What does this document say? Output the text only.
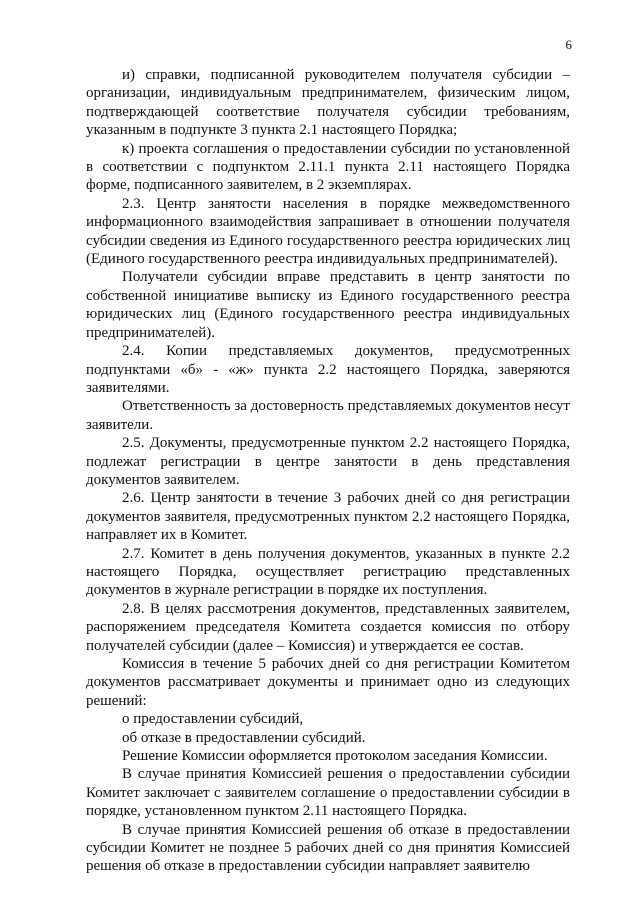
6

и) справки, подписанной руководителем получателя субсидии – организации, индивидуальным предпринимателем, физическим лицом, подтверждающей соответствие получателя субсидии требованиям, указанным в подпункте 3 пункта 2.1 настоящего Порядка;

к) проекта соглашения о предоставлении субсидии по установленной в соответствии с подпунктом 2.11.1 пункта 2.11 настоящего Порядка форме, подписанного заявителем, в 2 экземплярах.

2.3. Центр занятости населения в порядке межведомственного информационного взаимодействия запрашивает в отношении получателя субсидии сведения из Единого государственного реестра юридических лиц (Единого государственного реестра индивидуальных предпринимателей).

Получатели субсидии вправе представить в центр занятости по собственной инициативе выписку из Единого государственного реестра юридических лиц (Единого государственного реестра индивидуальных предпринимателей).

2.4. Копии представляемых документов, предусмотренных подпунктами «б» - «ж» пункта 2.2 настоящего Порядка, заверяются заявителями.

Ответственность за достоверность представляемых документов несут заявители.

2.5. Документы, предусмотренные пунктом 2.2 настоящего Порядка, подлежат регистрации в центре занятости в день представления документов заявителем.

2.6. Центр занятости в течение 3 рабочих дней со дня регистрации документов заявителя, предусмотренных пунктом 2.2 настоящего Порядка, направляет их в Комитет.

2.7. Комитет в день получения документов, указанных в пункте 2.2 настоящего Порядка, осуществляет регистрацию представленных документов в журнале регистрации в порядке их поступления.

2.8. В целях рассмотрения документов, представленных заявителем, распоряжением председателя Комитета создается комиссия по отбору получателей субсидии (далее – Комиссия) и утверждается ее состав.

Комиссия в течение 5 рабочих дней со дня регистрации Комитетом документов рассматривает документы и принимает одно из следующих решений:

о предоставлении субсидий,

об отказе в предоставлении субсидий.

Решение Комиссии оформляется протоколом заседания Комиссии.

В случае принятия Комиссией решения о предоставлении субсидии Комитет заключает с заявителем соглашение о предоставлении субсидии в порядке, установленном пунктом 2.11 настоящего Порядка.

В случае принятия Комиссией решения об отказе в предоставлении субсидии Комитет не позднее 5 рабочих дней со дня принятия Комиссией решения об отказе в предоставлении субсидии направляет заявителю
